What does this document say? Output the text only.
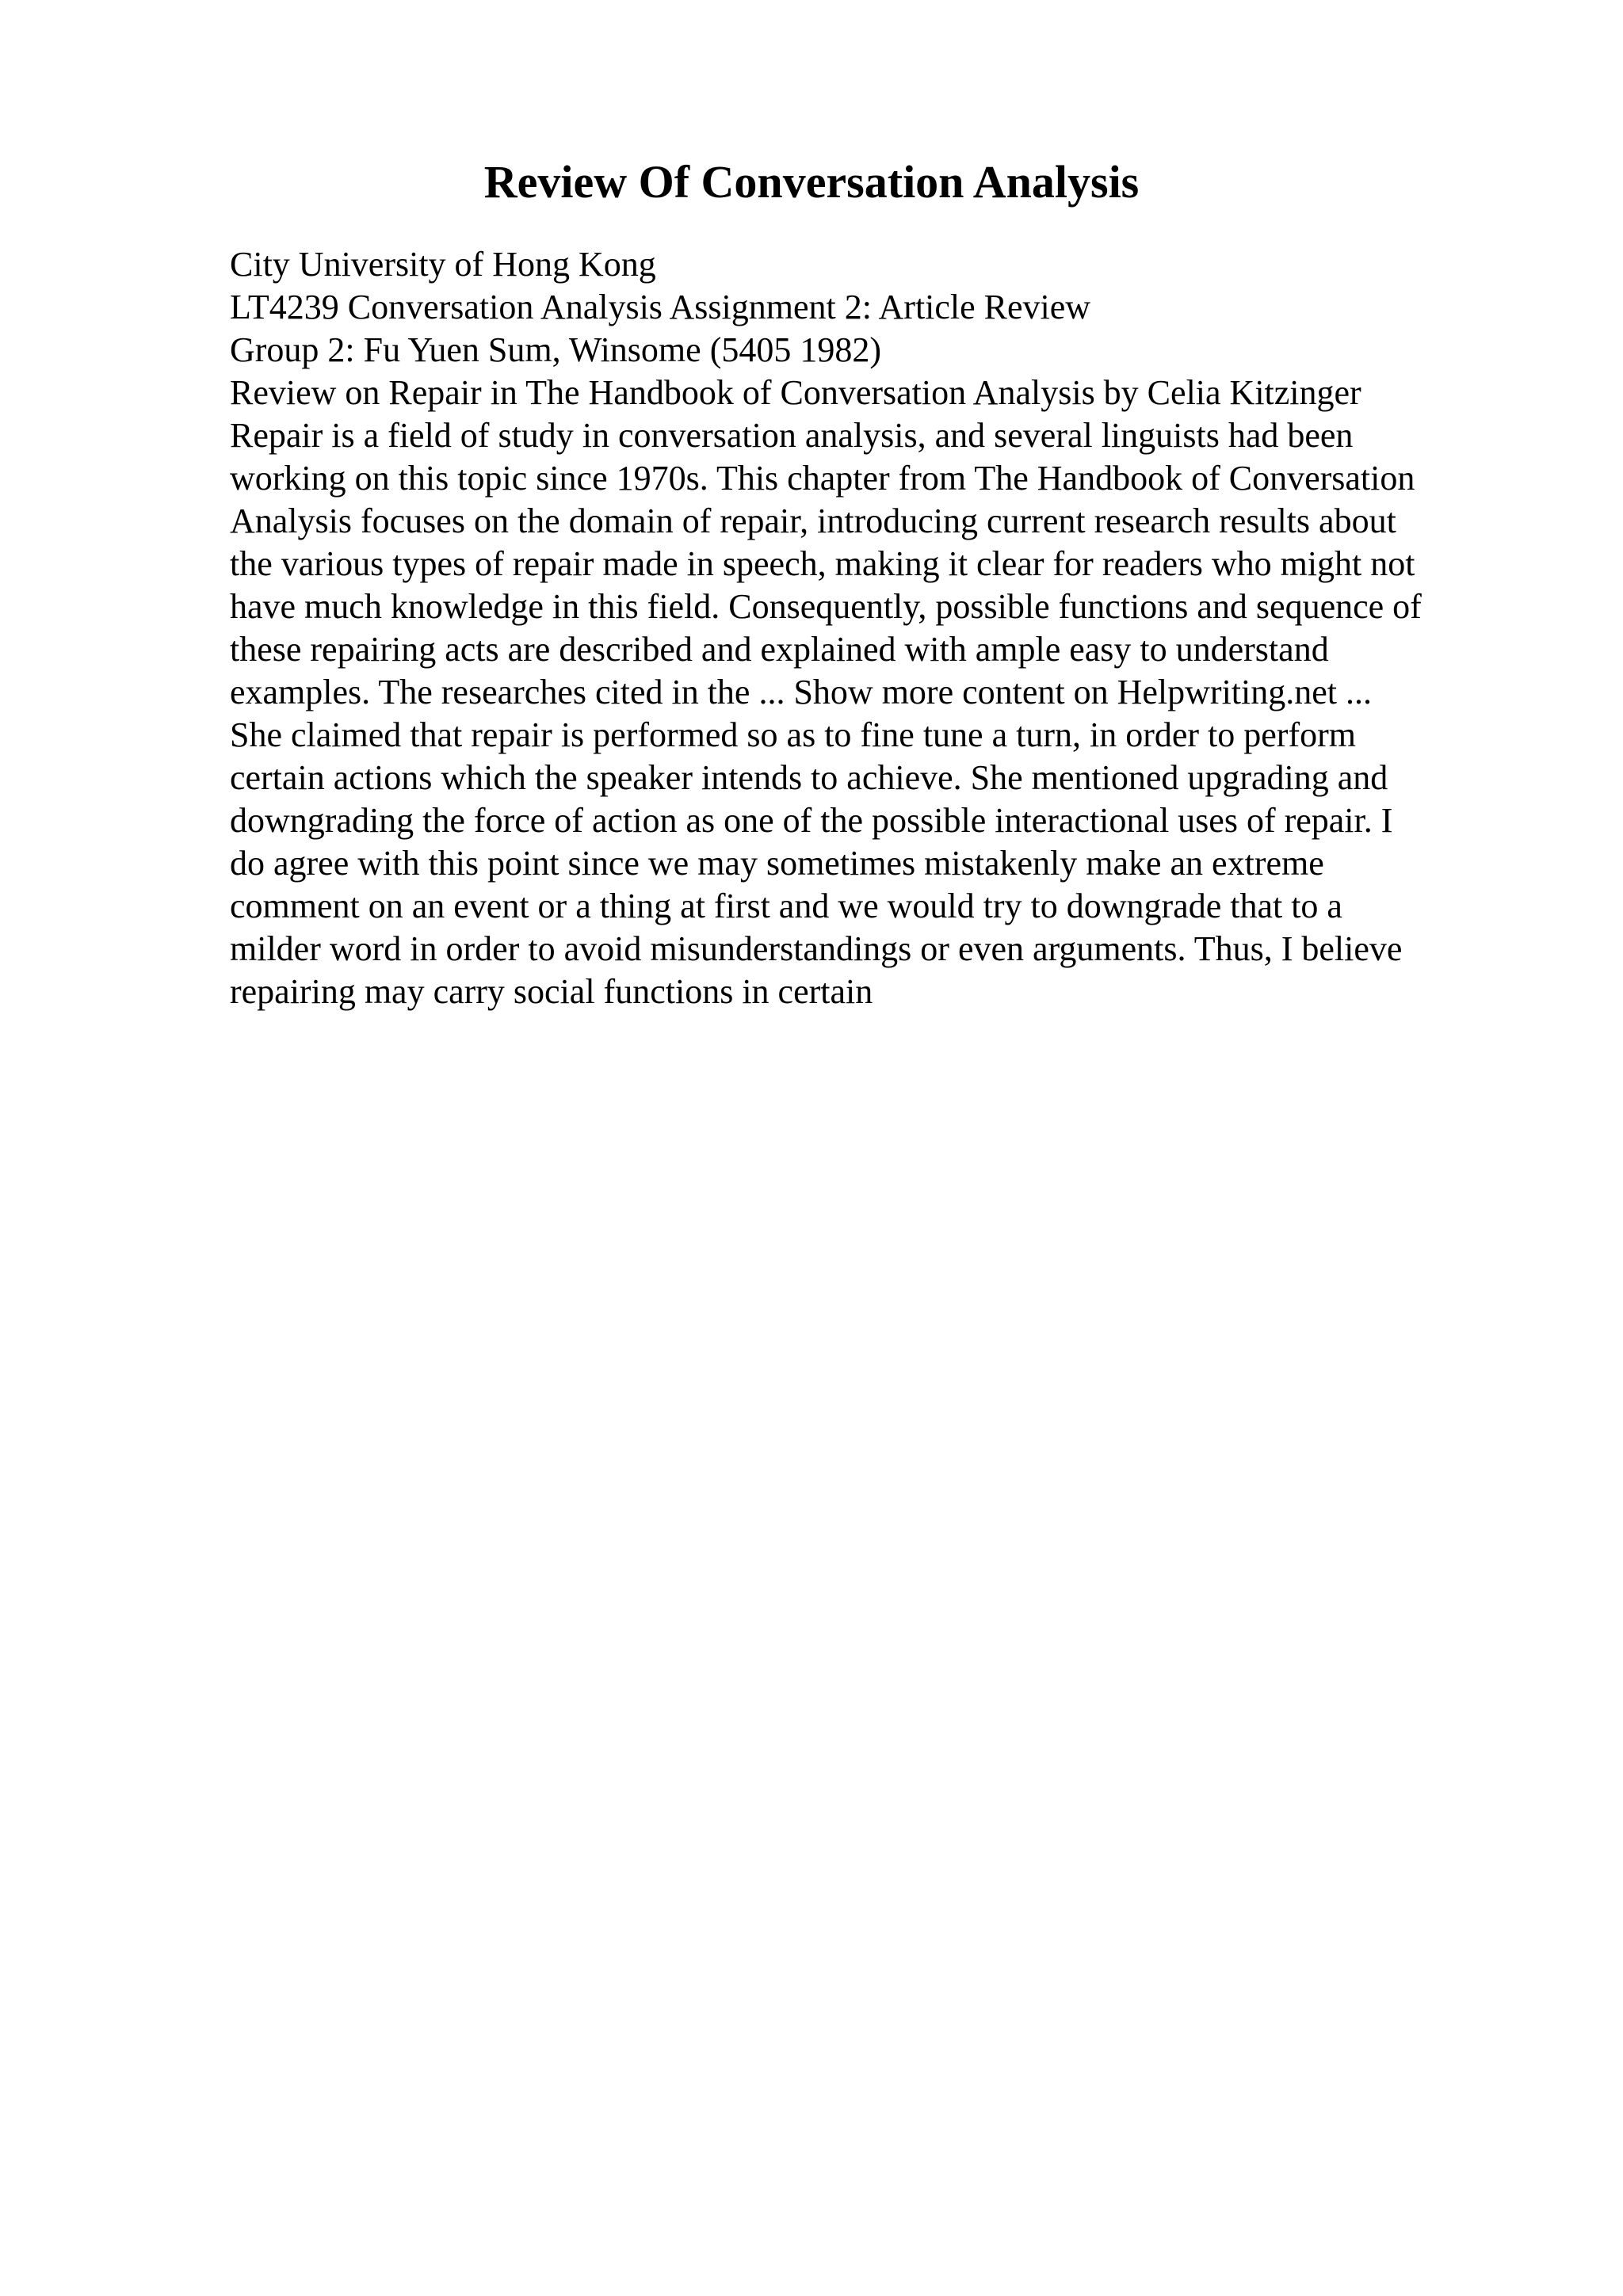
Review Of Conversation Analysis
City University of Hong Kong
LT4239 Conversation Analysis Assignment 2: Article Review
Group 2: Fu Yuen Sum, Winsome (5405 1982)
Review on Repair in The Handbook of Conversation Analysis by Celia Kitzinger
Repair is a field of study in conversation analysis, and several linguists had been
working on this topic since 1970s. This chapter from The Handbook of Conversation
Analysis focuses on the domain of repair, introducing current research results about
the various types of repair made in speech, making it clear for readers who might not
have much knowledge in this field. Consequently, possible functions and sequence of
these repairing acts are described and explained with ample easy to understand
examples. The researches cited in the ... Show more content on Helpwriting.net ...
She claimed that repair is performed so as to fine tune a turn, in order to perform
certain actions which the speaker intends to achieve. She mentioned upgrading and
downgrading the force of action as one of the possible interactional uses of repair. I
do agree with this point since we may sometimes mistakenly make an extreme
comment on an event or a thing at first and we would try to downgrade that to a
milder word in order to avoid misunderstandings or even arguments. Thus, I believe
repairing may carry social functions in certain
